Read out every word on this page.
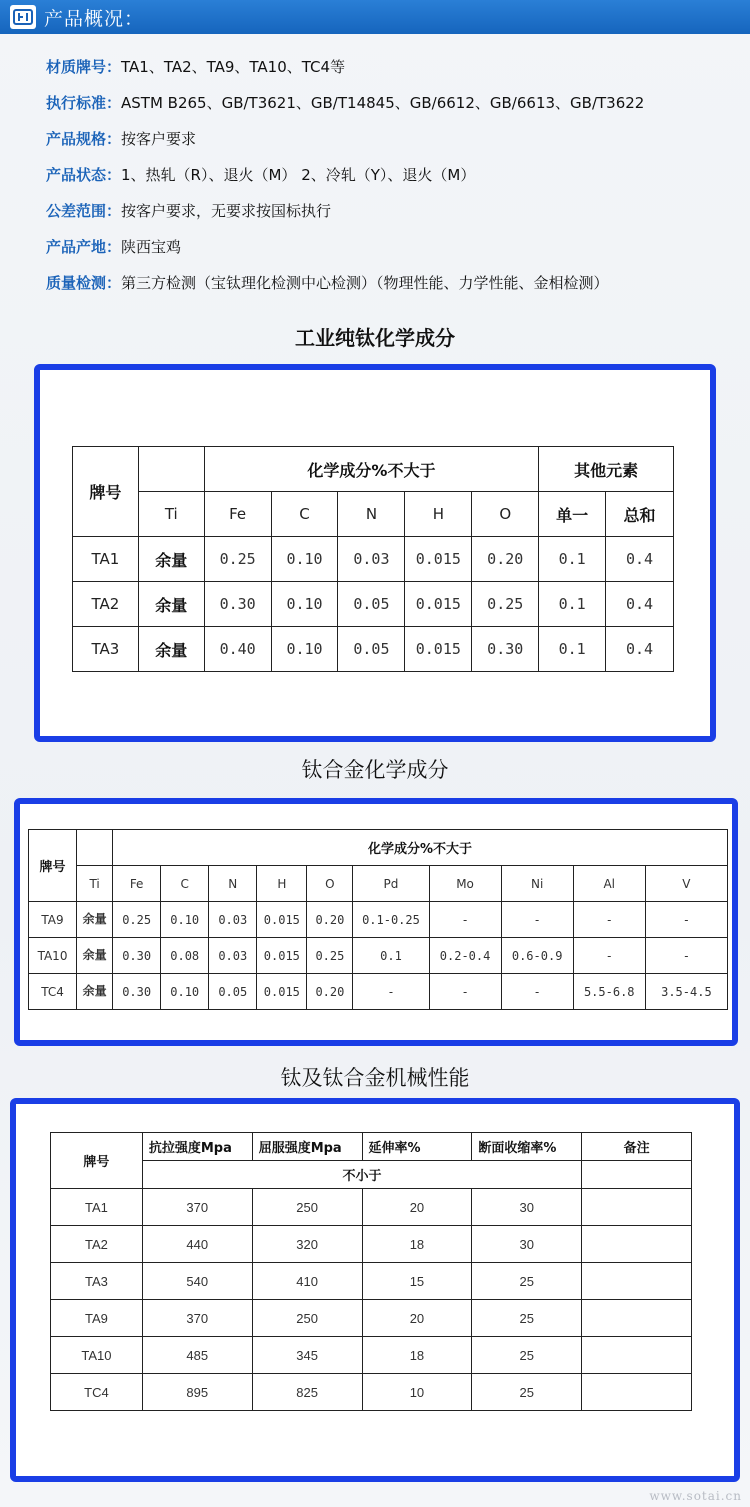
产品概况：
材质牌号： TA1、TA2、TA9、TA10、TC4等
执行标准： ASTM B265、GB/T3621、GB/T14845、GB/6612、GB/6613、GB/T3622
产品规格： 按客户要求
产品状态： 1、热轧（R）、退火（M） 2、冷轧（Y）、退火（M）
公差范围： 按客户要求，无要求按国标执行
产品产地： 陕西宝鸡
质量检测： 第三方检测（宝钛理化检测中心检测）（物理性能、力学性能、金相检测）
工业纯钛化学成分
牌号		化学成分%不大于					其他元素	
	Ti	Fe	C	N	H	O	单一	总和
TA1	余量	0.25	0.10	0.03	0.015	0.20	0.1	0.4
TA2	余量	0.30	0.10	0.05	0.015	0.25	0.1	0.4
TA3	余量	0.40	0.10	0.05	0.015	0.30	0.1	0.4
钛合金化学成分
牌号		化学成分%不大于									
	Ti	Fe	C	N	H	O	Pd	Mo	Ni	Al	V
TA9	余量	0.25	0.10	0.03	0.015	0.20	0.1-0.25	-	-	-	-
TA10	余量	0.30	0.08	0.03	0.015	0.25	0.1	0.2-0.4	0.6-0.9	-	-
TC4	余量	0.30	0.10	0.05	0.015	0.20	-	-	-	5.5-6.8	3.5-4.5
钛及钛合金机械性能
牌号	抗拉强度Mpa	屈服强度Mpa	延伸率%	断面收缩率%	备注
	不小于				
TA1	370	250	20	30	
TA2	440	320	18	30	
TA3	540	410	15	25	
TA9	370	250	20	25	
TA10	485	345	18	25	
TC4	895	825	10	25	
www.sotai.cn
